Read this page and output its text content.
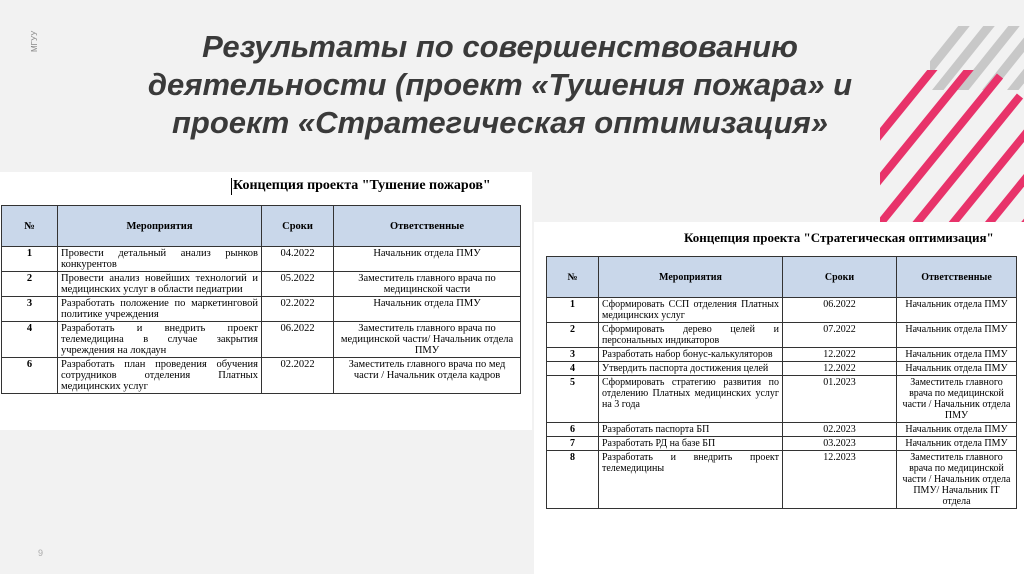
МГУУ
9
Результаты по совершенствованию деятельности (проект «Тушения пожара» и проект «Стратегическая оптимизация»
Концепция проекта "Тушение пожаров"
№	Мероприятия	Сроки	Ответственные
1	Провести детальный анализ рынков конкурентов	04.2022	Начальник отдела ПМУ
2	Провести анализ новейших технологий и медицинских услуг в области педиатрии	05.2022	Заместитель главного врача по медицинской части
3	Разработать положение по маркетинговой политике учреждения	02.2022	Начальник отдела ПМУ
4	Разработать и внедрить проект телемедицина в случае закрытия учреждения на локдаун	06.2022	Заместитель главного врача по медицинской части/ Начальник отдела ПМУ
6	Разработать план проведения обучения сотрудников отделения Платных медицинских услуг	02.2022	Заместитель главного врача по мед части / Начальник отдела кадров
Концепция проекта "Стратегическая оптимизация"
№	Мероприятия	Сроки	Ответственные
1	Сформировать ССП отделения Платных медицинских услуг	06.2022	Начальник отдела ПМУ
2	Сформировать дерево целей и персональных индикаторов	07.2022	Начальник отдела ПМУ
3	Разработать набор бонус-калькуляторов	12.2022	Начальник отдела ПМУ
4	Утвердить паспорта достижения целей	12.2022	Начальник отдела ПМУ
5	Сформировать стратегию развития по отделению Платных медицинских услуг на 3 года	01.2023	Заместитель главного врача по медицинской части / Начальник отдела ПМУ
6	Разработать паспорта БП	02.2023	Начальник отдела ПМУ
7	Разработать РД на базе БП	03.2023	Начальник отдела ПМУ
8	Разработать и внедрить проект телемедицины	12.2023	Заместитель главного врача по медицинской части / Начальник отдела ПМУ/ Начальник IT отдела
